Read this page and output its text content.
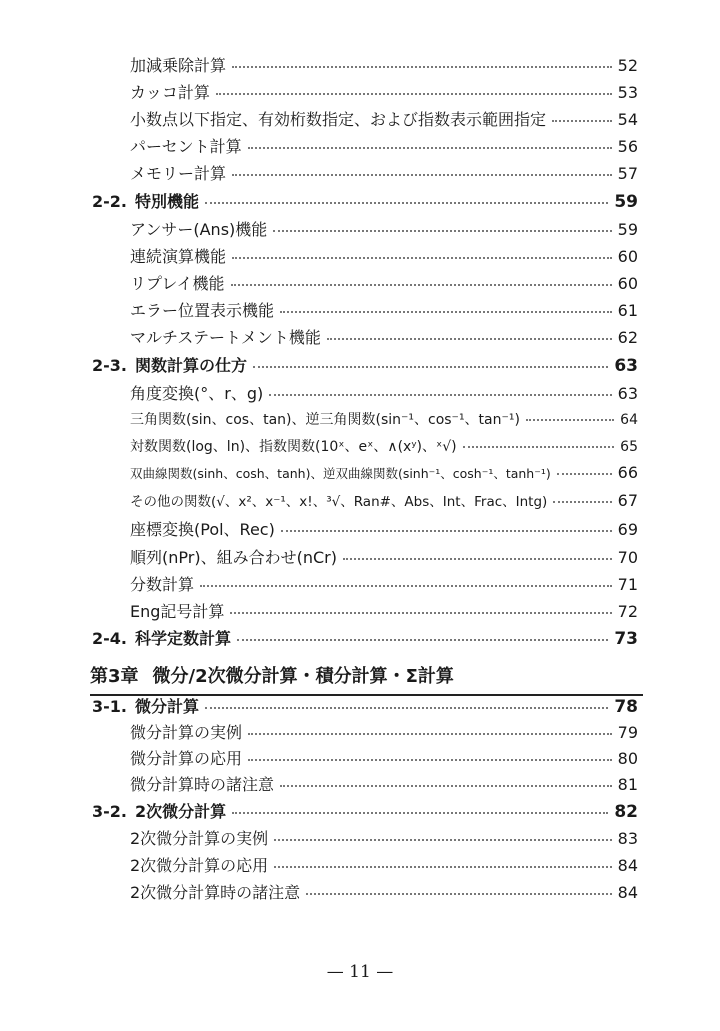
加減乗除計算	52
カッコ計算	53
小数点以下指定、有効桁数指定、および指数表示範囲指定	54
パーセント計算	56
メモリー計算	57
2-2. 特別機能	59
アンサー(Ans)機能	59
連続演算機能	60
リプレイ機能	60
エラー位置表示機能	61
マルチステートメント機能	62
2-3. 関数計算の仕方	63
角度変換(°、r、g)	63
三角関数(sin、cos、tan)、逆三角関数(sin⁻¹、cos⁻¹、tan⁻¹)	64
対数関数(log、ln)、指数関数(10ˣ、eˣ、∧(xʸ)、ˣ√)	65
双曲線関数(sinh、cosh、tanh)、逆双曲線関数(sinh⁻¹、cosh⁻¹、tanh⁻¹)	66
その他の関数(√、x²、x⁻¹、x!、³√、Ran#、Abs、Int、Frac、Intg)	67
座標変換(Pol、Rec)	69
順列(nPr)、組み合わせ(nCr)	70
分数計算	71
Eng記号計算	72
2-4. 科学定数計算	73
第3章 微分/2次微分計算・積分計算・Σ計算
3-1. 微分計算	78
微分計算の実例	79
微分計算の応用	80
微分計算時の諸注意	81
3-2. 2次微分計算	82
2次微分計算の実例	83
2次微分計算の応用	84
2次微分計算時の諸注意	84
— 11 —
